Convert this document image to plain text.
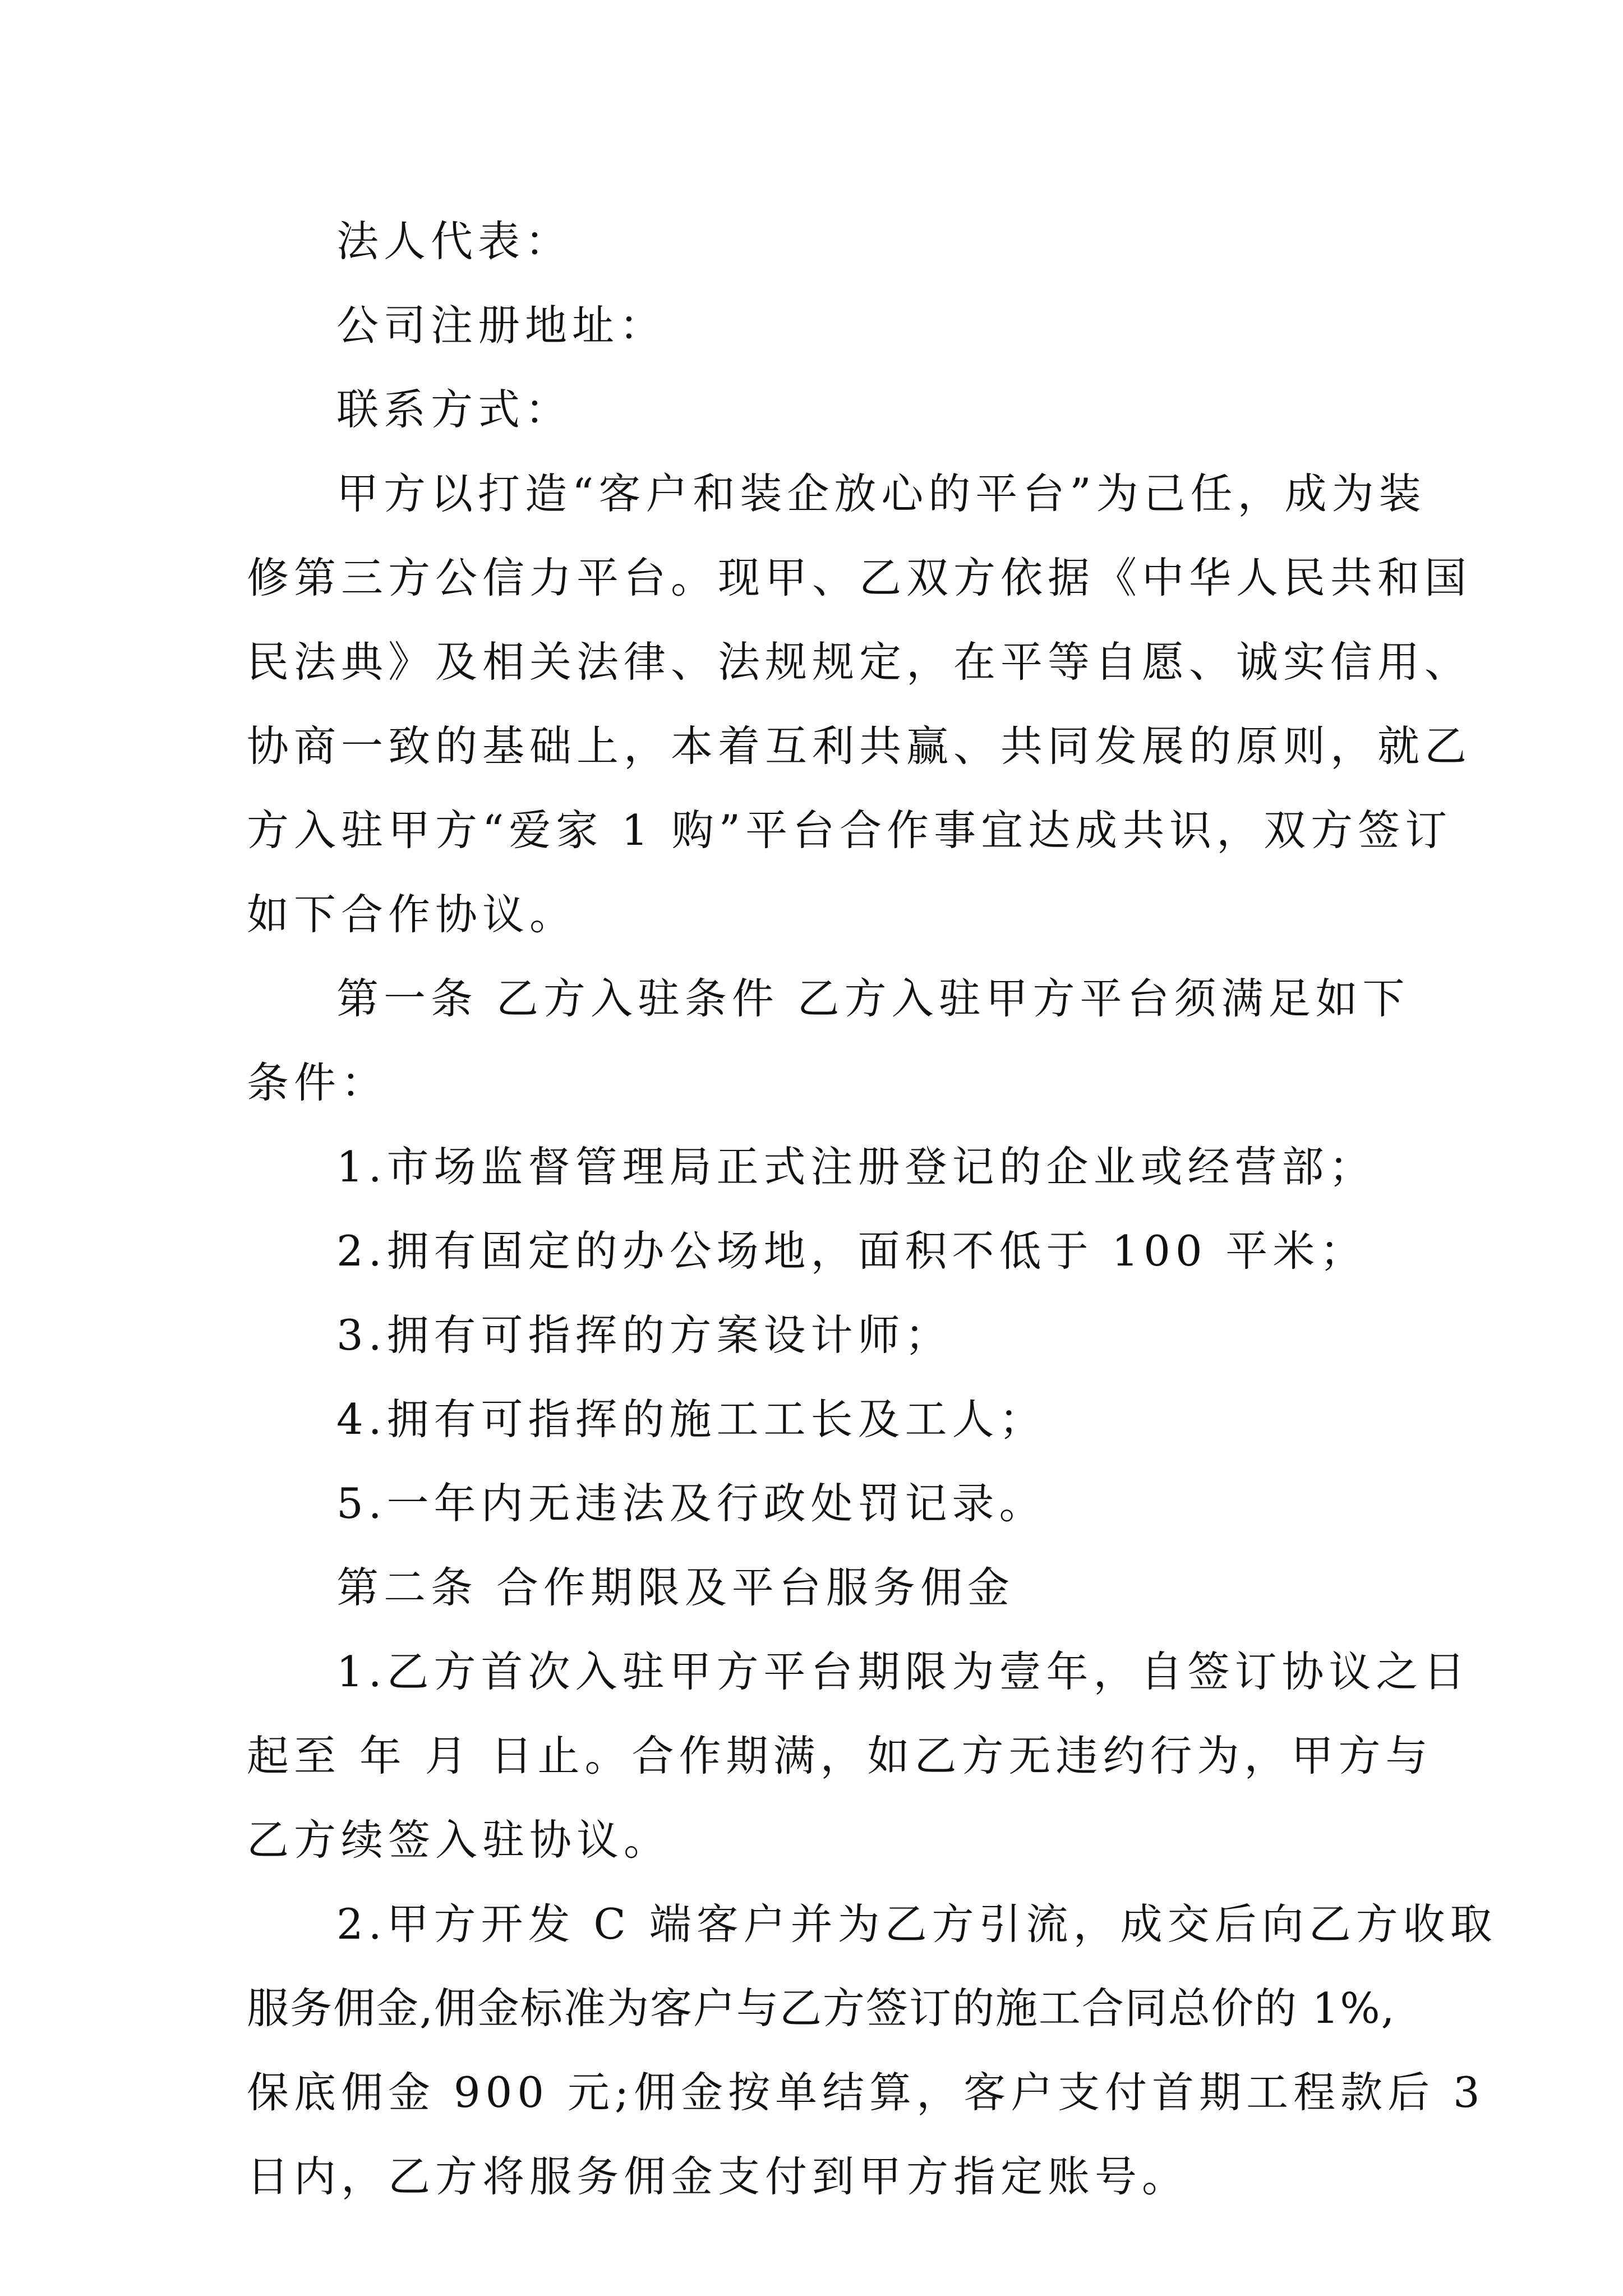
法人代表：

公司注册地址：

联系方式：

甲方以打造“客户和装企放心的平台”为己任，成为装

修第三方公信力平台。现甲、乙双方依据《中华人民共和国

民法典》及相关法律、法规规定，在平等自愿、诚实信用、

协商一致的基础上，本着互利共赢、共同发展的原则，就乙

方入驻甲方“爱家 1 购”平台合作事宜达成共识，双方签订

如下合作协议。

第一条 乙方入驻条件 乙方入驻甲方平台须满足如下

条件：

1.市场监督管理局正式注册登记的企业或经营部；

2.拥有固定的办公场地，面积不低于 100 平米；

3.拥有可指挥的方案设计师；

4.拥有可指挥的施工工长及工人；

5.一年内无违法及行政处罚记录。

第二条 合作期限及平台服务佣金

1.乙方首次入驻甲方平台期限为壹年，自签订协议之日

起至 年 月 日止。合作期满，如乙方无违约行为，甲方与

乙方续签入驻协议。

2.甲方开发 C 端客户并为乙方引流，成交后向乙方收取

服务佣金,佣金标准为客户与乙方签订的施工合同总价的 1%,

保底佣金 900 元;佣金按单结算，客户支付首期工程款后 3

日内，乙方将服务佣金支付到甲方指定账号。
